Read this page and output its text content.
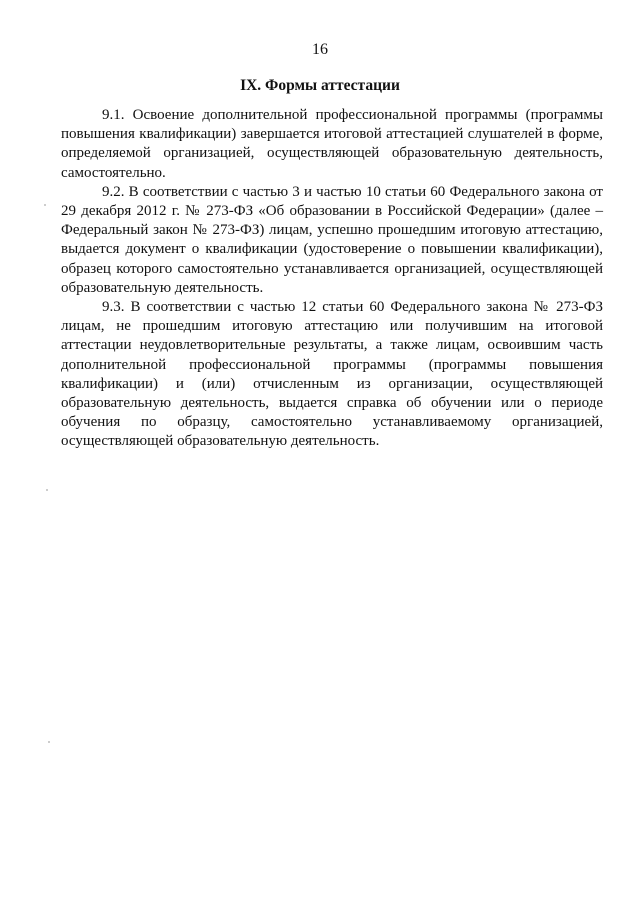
16
IX. Формы аттестации

9.1. Освоение дополнительной профессиональной программы (программы повышения квалификации) завершается итоговой аттестацией слушателей в форме, определяемой организацией, осуществляющей образовательную деятельность, самостоятельно.

9.2. В соответствии с частью 3 и частью 10 статьи 60 Федерального закона от 29 декабря 2012 г. № 273-ФЗ «Об образовании в Российской Федерации» (далее – Федеральный закон № 273-ФЗ) лицам, успешно прошедшим итоговую аттестацию, выдается документ о квалификации (удостоверение о повышении квалификации), образец которого самостоятельно устанавливается организацией, осуществляющей образовательную деятельность.

9.3. В соответствии с частью 12 статьи 60 Федерального закона № 273-ФЗ лицам, не прошедшим итоговую аттестацию или получившим на итоговой аттестации неудовлетворительные результаты, а также лицам, освоившим часть дополнительной профессиональной программы (программы повышения квалификации) и (или) отчисленным из организации, осуществляющей образовательную деятельность, выдается справка об обучении или о периоде обучения по образцу, самостоятельно устанавливаемому организацией, осуществляющей образовательную деятельность.
